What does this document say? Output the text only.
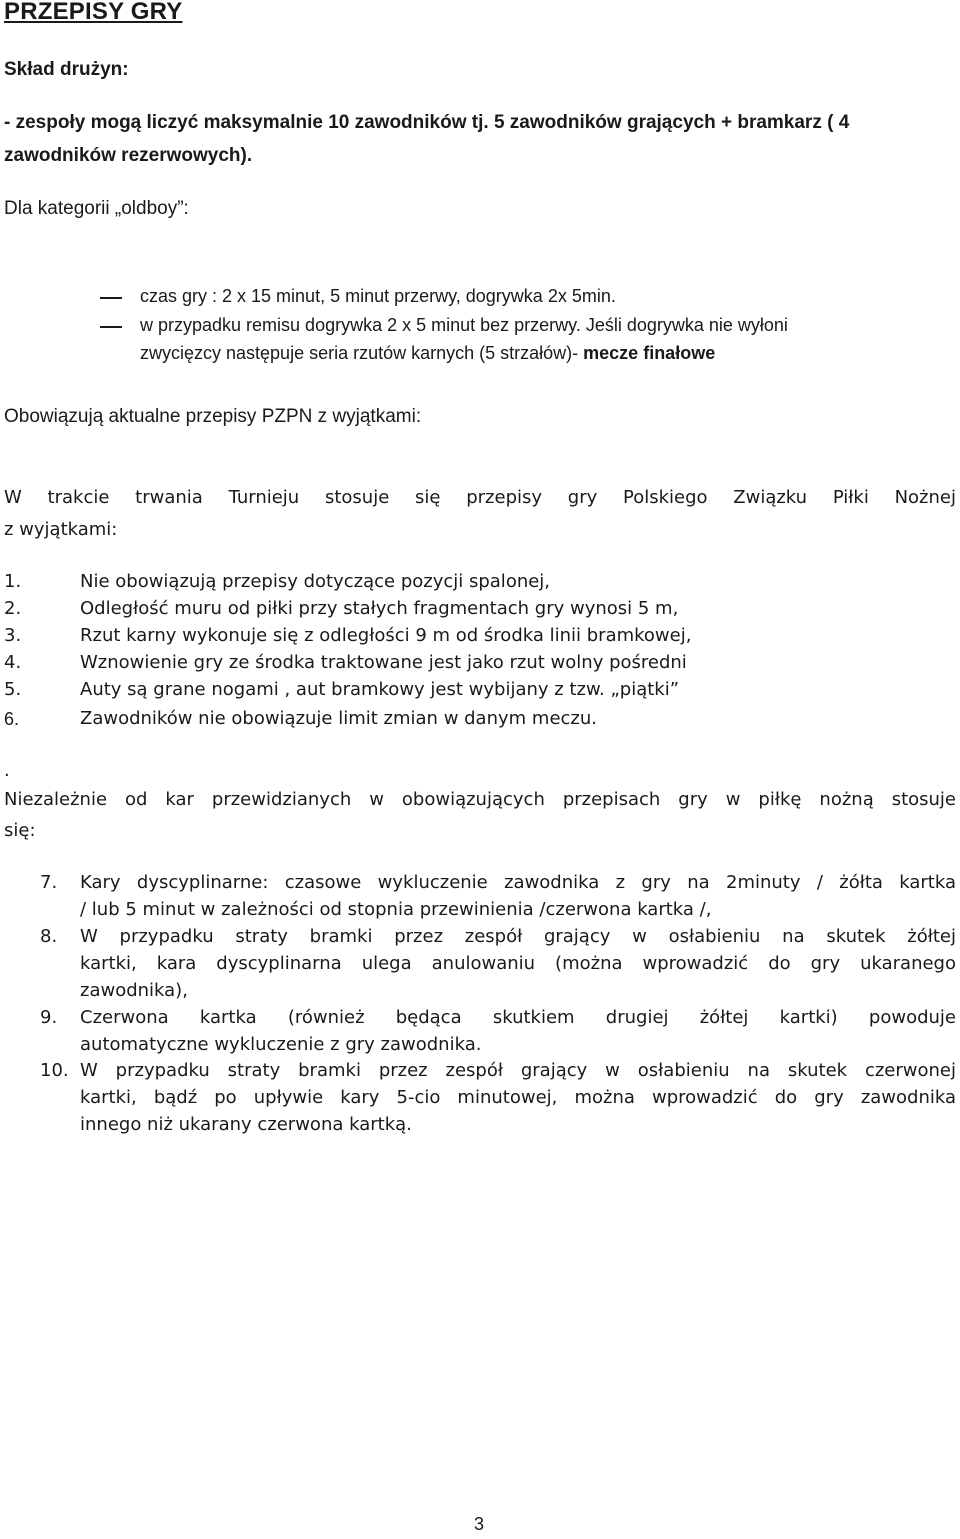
PRZEPISY GRY
Skład drużyn:
- zespoły mogą liczyć maksymalnie 10 zawodników tj. 5 zawodników grających + bramkarz ( 4
zawodników rezerwowych).
Dla kategorii „oldboy”:
czas gry : 2 x 15 minut, 5 minut przerwy, dogrywka 2x 5min.
w przypadku remisu dogrywka 2 x 5 minut bez przerwy. Jeśli dogrywka nie wyłoni
zwycięzcy następuje seria rzutów karnych (5 strzałów)- mecze finałowe
Obowiązują aktualne przepisy PZPN z wyjątkami:
W trakcie trwania Turnieju stosuje się przepisy gry Polskiego Związku Piłki Nożnej
z wyjątkami:
1.	Nie obowiązują przepisy dotyczące pozycji spalonej,
2.	Odległość muru od piłki przy stałych fragmentach gry wynosi 5 m,
3.	Rzut karny wykonuje się z odległości 9 m od środka linii bramkowej,
4.	Wznowienie gry ze środka traktowane jest jako rzut wolny pośredni
5.	Auty są grane nogami , aut bramkowy jest wybijany z tzw. „piątki”
6.	Zawodników nie obowiązuje limit zmian w danym meczu.
.
Niezależnie od kar przewidzianych w obowiązujących przepisach gry w piłkę nożną stosuje
się:
7. Kary dyscyplinarne: czasowe wykluczenie zawodnika z gry na 2minuty / żółta kartka
/ lub 5 minut w zależności od stopnia przewinienia /czerwona kartka /,
8. W przypadku straty bramki przez zespół grający w osłabieniu na skutek żółtej
kartki, kara dyscyplinarna ulega anulowaniu (można wprowadzić do gry ukaranego
zawodnika),
9. Czerwona kartka (również będąca skutkiem drugiej żółtej kartki) powoduje
automatyczne wykluczenie z gry zawodnika.
10. W przypadku straty bramki przez zespół grający w osłabieniu na skutek czerwonej
kartki, bądź po upływie kary 5-cio minutowej, można wprowadzić do gry zawodnika
innego niż ukarany czerwona kartką.
3
